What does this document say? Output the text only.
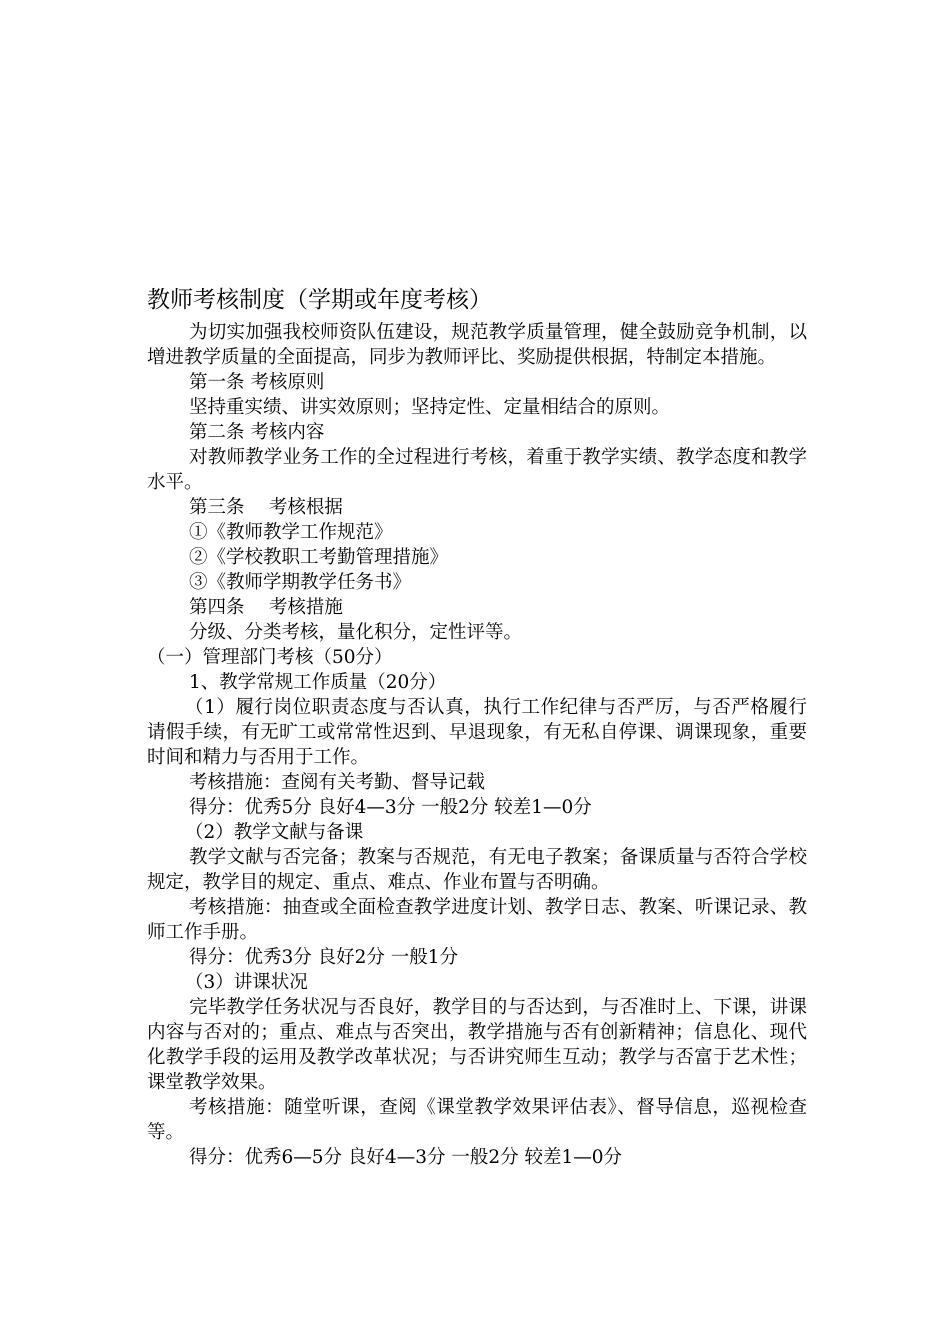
教师考核制度（学期或年度考核）

为切实加强我校师资队伍建设，规范教学质量管理，健全鼓励竞争机制，以增进教学质量的全面提高，同步为教师评比、奖励提供根据，特制定本措施。

第一条 考核原则

坚持重实绩、讲实效原则；坚持定性、定量相结合的原则。

第二条 考核内容

对教师教学业务工作的全过程进行考核，着重于教学实绩、教学态度和教学水平。

第三条　 考核根据

①《教师教学工作规范》

②《学校教职工考勤管理措施》

③《教师学期教学任务书》

第四条　 考核措施

分级、分类考核，量化积分，定性评等。

（一）管理部门考核（50分）

1、教学常规工作质量（20分）

（1）履行岗位职责态度与否认真，执行工作纪律与否严厉，与否严格履行请假手续，有无旷工或常常性迟到、早退现象，有无私自停课、调课现象，重要时间和精力与否用于工作。

考核措施：查阅有关考勤、督导记载

得分：优秀5分 良好4—3分 一般2分 较差1—0分

（2）教学文献与备课

教学文献与否完备；教案与否规范，有无电子教案；备课质量与否符合学校规定，教学目的规定、重点、难点、作业布置与否明确。

考核措施：抽查或全面检查教学进度计划、教学日志、教案、听课记录、教师工作手册。

得分：优秀3分 良好2分 一般1分

（3）讲课状况

完毕教学任务状况与否良好，教学目的与否达到，与否准时上、下课，讲课内容与否对的；重点、难点与否突出，教学措施与否有创新精神；信息化、现代化教学手段的运用及教学改革状况；与否讲究师生互动；教学与否富于艺术性；课堂教学效果。

考核措施：随堂听课，查阅《课堂教学效果评估表》、督导信息，巡视检查等。

得分：优秀6—5分 良好4—3分 一般2分 较差1—0分
